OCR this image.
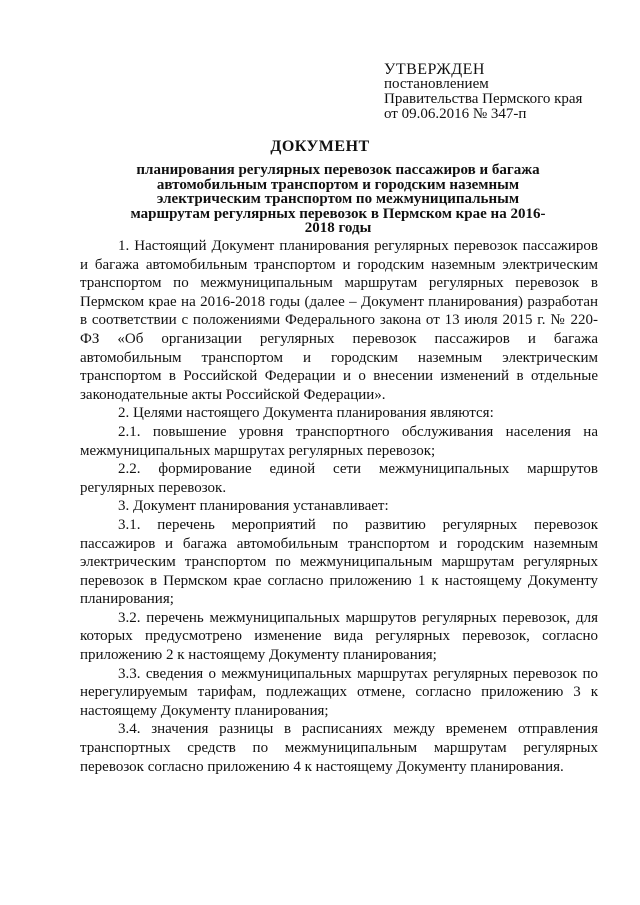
УТВЕРЖДЕН
постановлением
Правительства Пермского края
от 09.06.2016 № 347-п
ДОКУМЕНТ
планирования регулярных перевозок пассажиров и багажа автомобильным транспортом и городским наземным электрическим транспортом по межмуниципальным маршрутам регулярных перевозок в Пермском крае на 2016-2018 годы

1. Настоящий Документ планирования регулярных перевозок пассажиров и багажа автомобильным транспортом и городским наземным электрическим транспортом по межмуниципальным маршрутам регулярных перевозок в Пермском крае на 2016-2018 годы (далее – Документ планирования) разработан в соответствии с положениями Федерального закона от 13 июля 2015 г. № 220-ФЗ «Об организации регулярных перевозок пассажиров и багажа автомобильным транспортом и городским наземным электрическим транспортом в Российской Федерации и о внесении изменений в отдельные законодательные акты Российской Федерации».

2. Целями настоящего Документа планирования являются:

2.1. повышение уровня транспортного обслуживания населения на межмуниципальных маршрутах регулярных перевозок;

2.2. формирование единой сети межмуниципальных маршрутов регулярных перевозок.

3. Документ планирования устанавливает:

3.1. перечень мероприятий по развитию регулярных перевозок пассажиров и багажа автомобильным транспортом и городским наземным электрическим транспортом по межмуниципальным маршрутам регулярных перевозок в Пермском крае согласно приложению 1 к настоящему Документу планирования;

3.2. перечень межмуниципальных маршрутов регулярных перевозок, для которых предусмотрено изменение вида регулярных перевозок, согласно приложению 2 к настоящему Документу планирования;

3.3. сведения о межмуниципальных маршрутах регулярных перевозок по нерегулируемым тарифам, подлежащих отмене, согласно приложению 3 к настоящему Документу планирования;

3.4. значения разницы в расписаниях между временем отправления транспортных средств по межмуниципальным маршрутам регулярных перевозок согласно приложению 4 к настоящему Документу планирования.
